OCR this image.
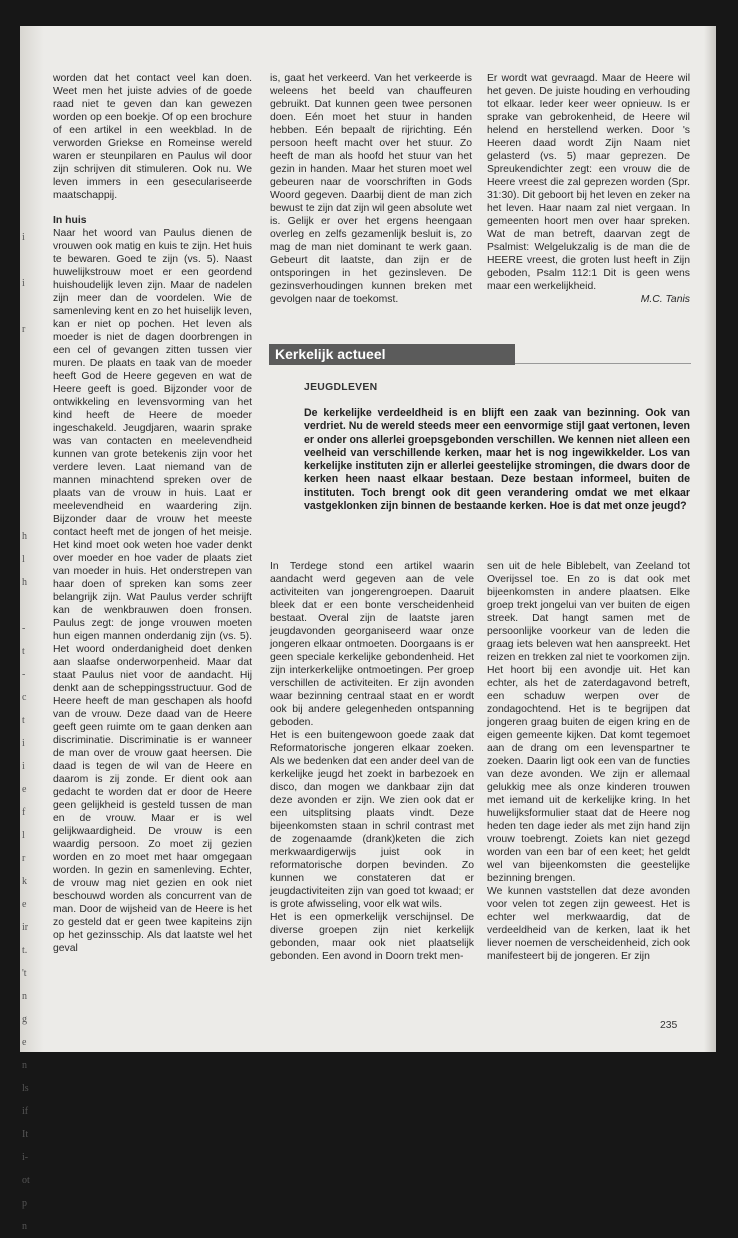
i

i

r

h
l
h

-
t
-
c
t
i
i
e
f
l
r
k
e
ir
t.
't
n
g
e
n
ls
if
It
i-
ot
p
n

worden dat het contact veel kan doen. Weet men het juiste advies of de goede raad niet te geven dan kan gewezen worden op een boekje. Of op een brochure of een artikel in een weekblad. In de verworden Griekse en Romeinse wereld waren er steunpilaren en Paulus wil door zijn schrijven dit stimuleren. Ook nu. We leven immers in een geseculariseerde maatschappij.

In huis

Naar het woord van Paulus dienen de vrouwen ook matig en kuis te zijn. Het huis te bewaren. Goed te zijn (vs. 5). Naast huwelijkstrouw moet er een geordend huishoudelijk leven zijn. Maar de nadelen zijn meer dan de voordelen. Wie de samenleving kent en zo het huiselijk leven, kan er niet op pochen. Het leven als moeder is niet de dagen doorbrengen in een cel of gevangen zitten tussen vier muren. De plaats en taak van de moeder heeft God de Heere gegeven en wat de Heere geeft is goed. Bijzonder voor de ontwikkeling en levensvorming van het kind heeft de Heere de moeder ingeschakeld. Jeugdjaren, waarin sprake was van contacten en meelevendheid kunnen van grote betekenis zijn voor het verdere leven. Laat niemand van de mannen minachtend spreken over de plaats van de vrouw in huis. Laat er meelevendheid en waardering zijn. Bijzonder daar de vrouw het meeste contact heeft met de jongen of het meisje. Het kind moet ook weten hoe vader denkt over moeder en hoe vader de plaats ziet van moeder in huis. Het onderstrepen van haar doen of spreken kan soms zeer belangrijk zijn. Wat Paulus verder schrijft kan de wenkbrauwen doen fronsen. Paulus zegt: de jonge vrouwen moeten hun eigen mannen onderdanig zijn (vs. 5). Het woord onderdanigheid doet denken aan slaafse onderworpenheid. Maar dat staat Paulus niet voor de aandacht. Hij denkt aan de scheppingsstructuur. God de Heere heeft de man geschapen als hoofd van de vrouw. Deze daad van de Heere geeft geen ruimte om te gaan denken aan discriminatie. Discriminatie is er wanneer de man over de vrouw gaat heersen. Die daad is tegen de wil van de Heere en daarom is zij zonde. Er dient ook aan gedacht te worden dat er door de Heere geen gelijkheid is gesteld tussen de man en de vrouw. Maar er is wel gelijkwaardigheid. De vrouw is een waardig persoon. Zo moet zij gezien worden en zo moet met haar omgegaan worden. In gezin en samenleving. Echter, de vrouw mag niet gezien en ook niet beschouwd worden als concurrent van de man. Door de wijsheid van de Heere is het zo gesteld dat er geen twee kapiteins zijn op het gezinsschip. Als dat laatste wel het geval

is, gaat het verkeerd. Van het verkeerde is weleens het beeld van chauffeuren gebruikt. Dat kunnen geen twee personen doen. Eén moet het stuur in handen hebben. Eén bepaalt de rijrichting. Eén persoon heeft macht over het stuur. Zo heeft de man als hoofd het stuur van het gezin in handen. Maar het sturen moet wel gebeuren naar de voorschriften in Gods Woord gegeven. Daarbij dient de man zich bewust te zijn dat zijn wil geen absolute wet is. Gelijk er over het ergens heengaan overleg en zelfs gezamenlijk besluit is, zo mag de man niet dominant te werk gaan. Gebeurt dit laatste, dan zijn er de ontsporingen in het gezinsleven. De gezinsverhoudingen kunnen breken met gevolgen naar de toekomst.

Er wordt wat gevraagd. Maar de Heere wil het geven. De juiste houding en verhouding tot elkaar. Ieder keer weer opnieuw. Is er sprake van gebrokenheid, de Heere wil helend en herstellend werken. Door 's Heeren daad wordt Zijn Naam niet gelasterd (vs. 5) maar geprezen. De Spreukendichter zegt: een vrouw die de Heere vreest die zal geprezen worden (Spr. 31:30). Dit geboort bij het leven en zeker na het leven. Haar naam zal niet vergaan. In gemeenten hoort men over haar spreken. Wat de man betreft, daarvan zegt de Psalmist: Welgelukzalig is de man die de HEERE vreest, die groten lust heeft in Zijn geboden, Psalm 112:1 Dit is geen wens maar een werkelijkheid.

M.C. Tanis

Kerkelijk actueel
JEUGDLEVEN
De kerkelijke verdeeldheid is en blijft een zaak van bezinning. Ook van verdriet. Nu de wereld steeds meer een eenvormige stijl gaat vertonen, leven er onder ons allerlei groepsgebonden verschillen. We kennen niet alleen een veelheid van verschillende kerken, maar het is nog ingewikkelder. Los van kerkelijke instituten zijn er allerlei geestelijke stromingen, die dwars door de kerken heen naast elkaar bestaan. Deze bestaan informeel, buiten de instituten. Toch brengt ook dit geen verandering omdat we met elkaar vastgeklonken zijn binnen de bestaande kerken. Hoe is dat met onze jeugd?

In Terdege stond een artikel waarin aandacht werd gegeven aan de vele activiteiten van jongerengroepen. Daaruit bleek dat er een bonte verscheidenheid bestaat. Overal zijn de laatste jaren jeugdavonden georganiseerd waar onze jongeren elkaar ontmoeten. Doorgaans is er geen speciale kerkelijke gebondenheid. Het zijn interkerkelijke ontmoetingen. Per groep verschillen de activiteiten. Er zijn avonden waar bezinning centraal staat en er wordt ook bij andere gelegenheden ontspanning geboden.

Het is een buitengewoon goede zaak dat Reformatorische jongeren elkaar zoeken. Als we bedenken dat een ander deel van de kerkelijke jeugd het zoekt in barbezoek en disco, dan mogen we dankbaar zijn dat deze avonden er zijn. We zien ook dat er een uitsplitsing plaats vindt. Deze bijeenkomsten staan in schril contrast met de zogenaamde (drank)keten die zich merkwaardigerwijs juist ook in reformatorische dorpen bevinden. Zo kunnen we constateren dat er jeugdactiviteiten zijn van goed tot kwaad; er is grote afwisseling, voor elk wat wils.

Het is een opmerkelijk verschijnsel. De diverse groepen zijn niet kerkelijk gebonden, maar ook niet plaatselijk gebonden. Een avond in Doorn trekt men-

sen uit de hele Biblebelt, van Zeeland tot Overijssel toe. En zo is dat ook met bijeenkomsten in andere plaatsen. Elke groep trekt jongelui van ver buiten de eigen streek. Dat hangt samen met de persoonlijke voorkeur van de leden die graag iets beleven wat hen aanspreekt. Het reizen en trekken zal niet te voorkomen zijn. Het hoort bij een avondje uit. Het kan echter, als het de zaterdagavond betreft, een schaduw werpen over de zondagochtend. Het is te begrijpen dat jongeren graag buiten de eigen kring en de eigen gemeente kijken. Dat komt tegemoet aan de drang om een levenspartner te zoeken. Daarin ligt ook een van de functies van deze avonden. We zijn er allemaal gelukkig mee als onze kinderen trouwen met iemand uit de kerkelijke kring. In het huwelijksformulier staat dat de Heere nog heden ten dage ieder als met zijn hand zijn vrouw toebrengt. Zoiets kan niet gezegd worden van een bar of een keet; het geldt wel van bijeenkomsten die geestelijke bezinning brengen.

We kunnen vaststellen dat deze avonden voor velen tot zegen zijn geweest. Het is echter wel merkwaardig, dat de verdeeldheid van de kerken, laat ik het liever noemen de verscheidenheid, zich ook manifesteert bij de jongeren. Er zijn

235
